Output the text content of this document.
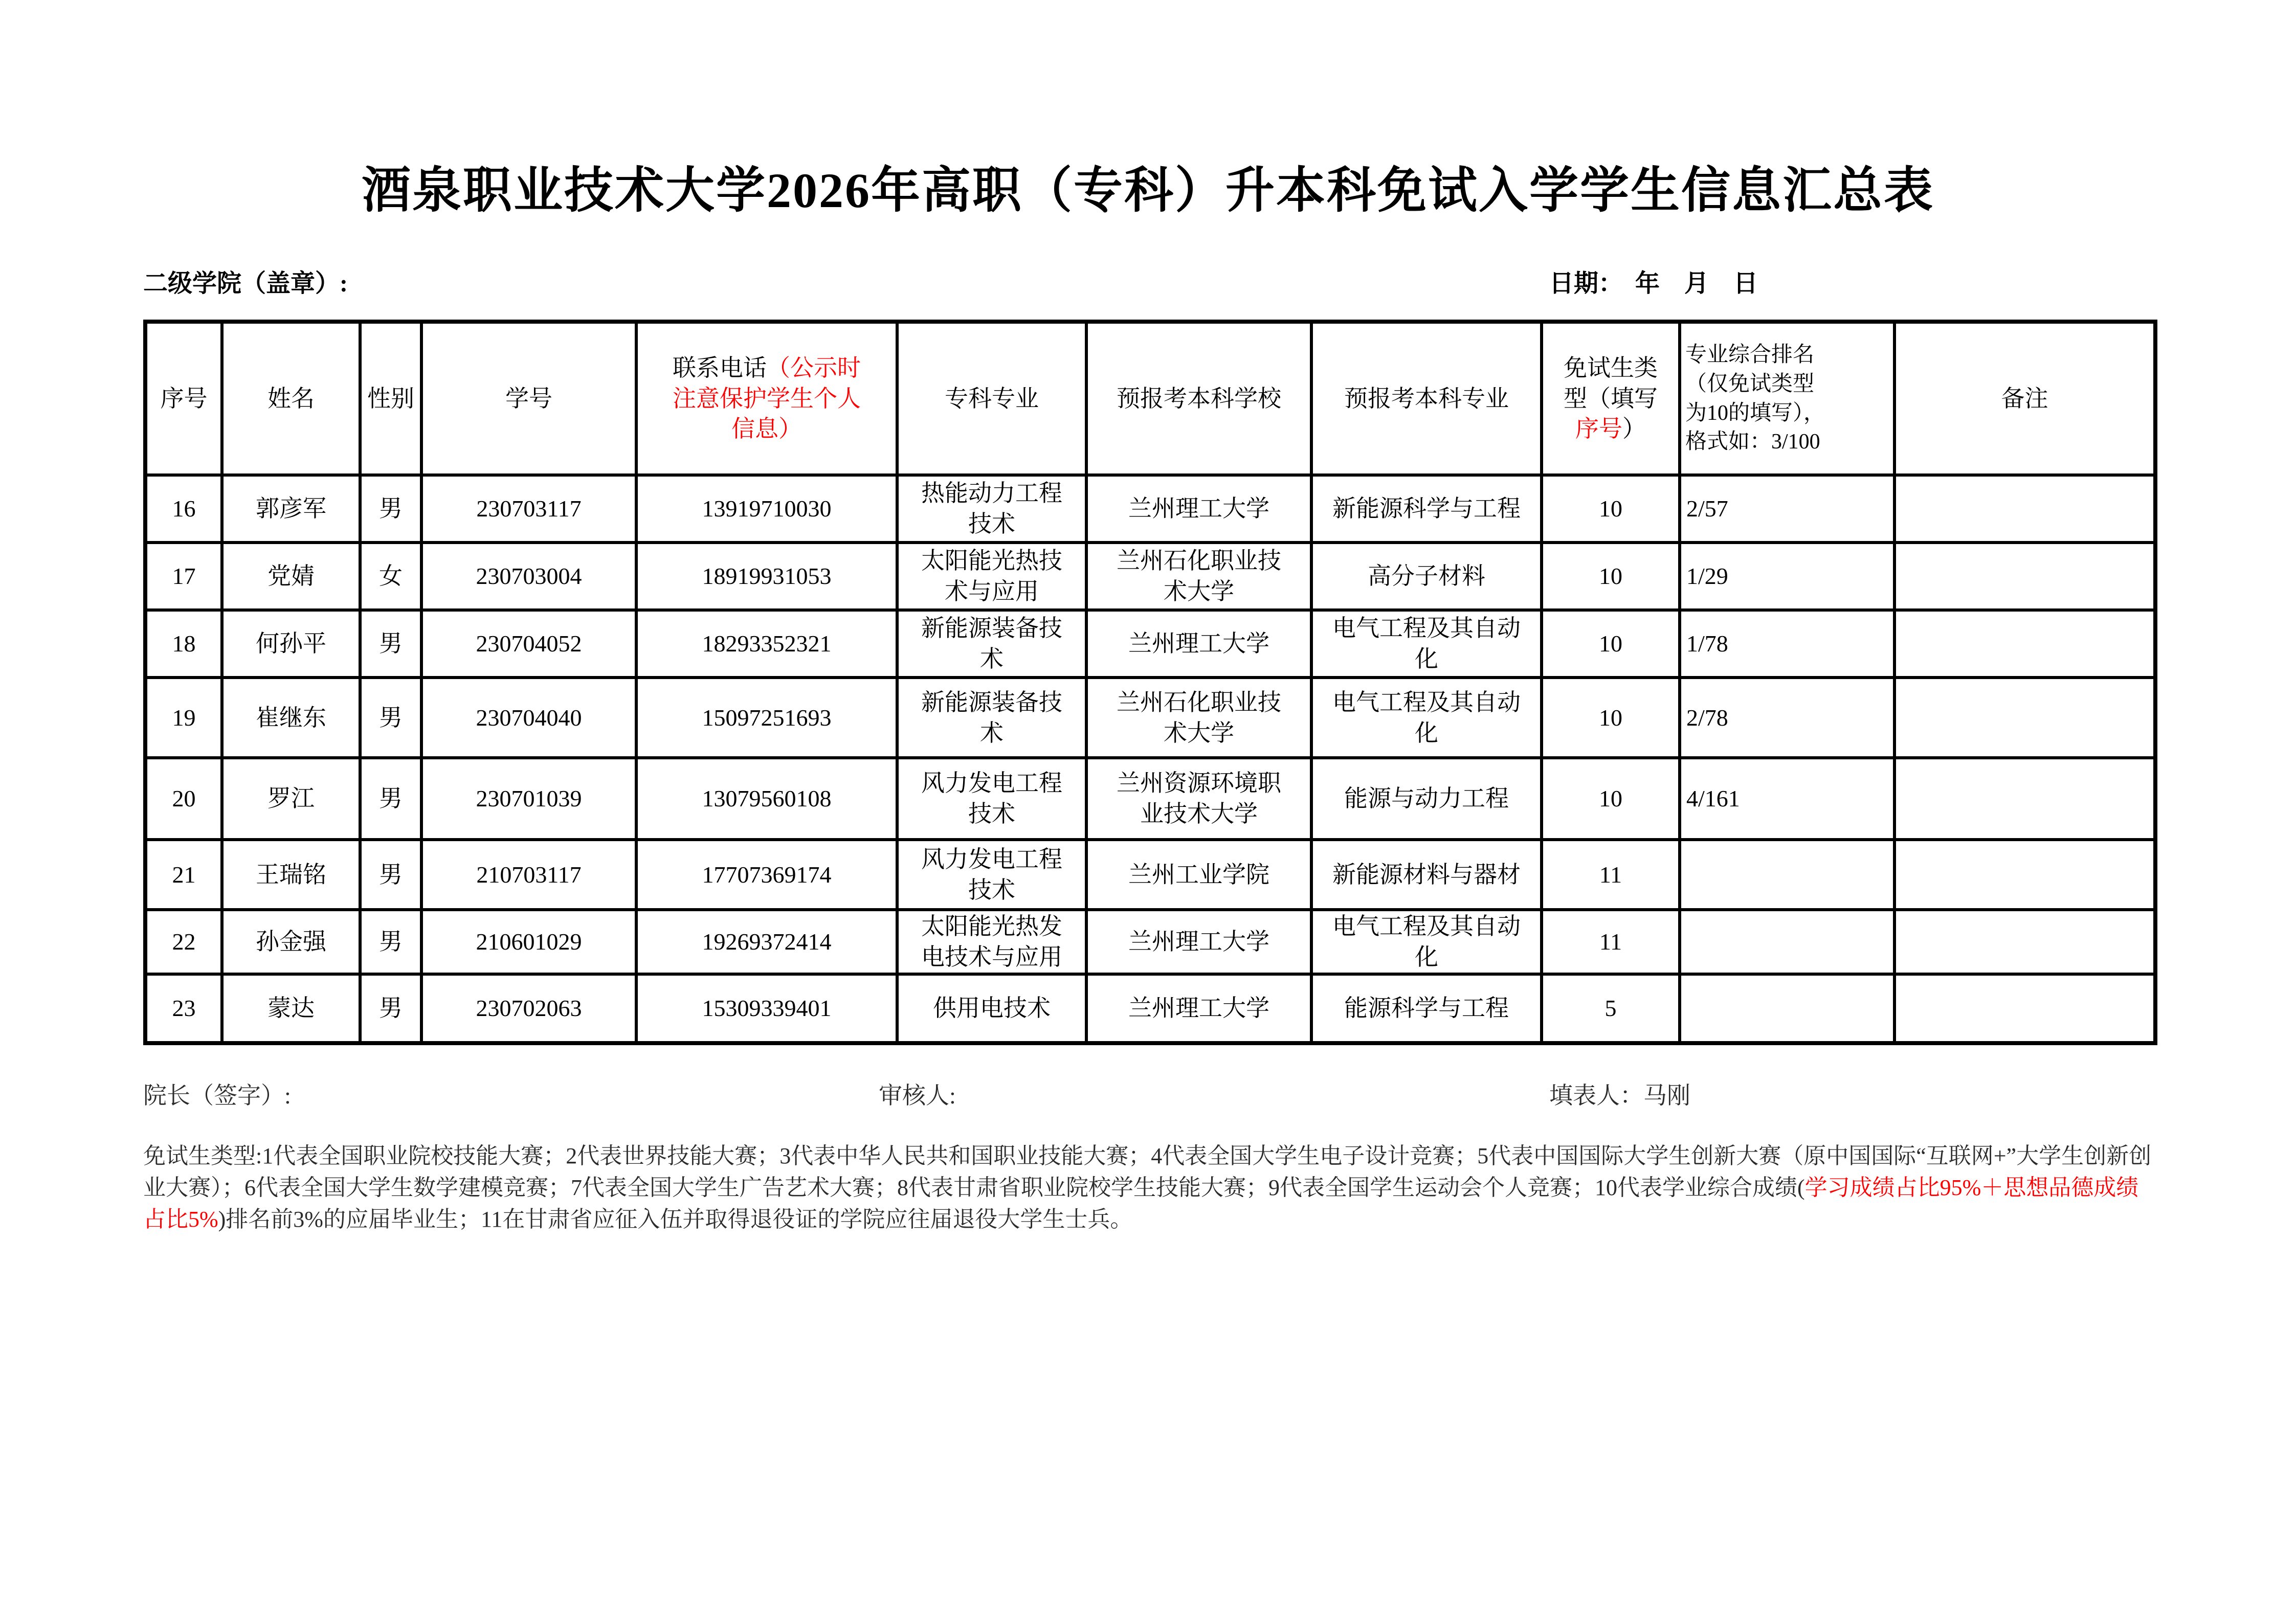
酒泉职业技术大学2026年高职（专科）升本科免试入学学生信息汇总表
二级学院（盖章）:	日期：　年　月　日
序号	姓名	性别	学号	联系电话（公示时注意保护学生个人信息）	专科专业	预报考本科学校	预报考本科专业	免试生类型（填写序号）	专业综合排名（仅免试类型为10的填写），格式如：3/100	备注
16	郭彦军	男	230703117	13919710030	热能动力工程技术	兰州理工大学	新能源科学与工程	10	2/57	
17	党婧	女	230703004	18919931053	太阳能光热技术与应用	兰州石化职业技术大学	高分子材料	10	1/29	
18	何孙平	男	230704052	18293352321	新能源装备技术	兰州理工大学	电气工程及其自动化	10	1/78	
19	崔继东	男	230704040	15097251693	新能源装备技术	兰州石化职业技术大学	电气工程及其自动化	10	2/78	
20	罗江	男	230701039	13079560108	风力发电工程技术	兰州资源环境职业技术大学	能源与动力工程	10	4/161	
21	王瑞铭	男	210703117	17707369174	风力发电工程技术	兰州工业学院	新能源材料与器材	11		
22	孙金强	男	210601029	19269372414	太阳能光热发电技术与应用	兰州理工大学	电气工程及其自动化	11		
23	蒙达	男	230702063	15309339401	供用电技术	兰州理工大学	能源科学与工程	5		
院长（签字）:	审核人:	填表人：马刚
免试生类型:1代表全国职业院校技能大赛；2代表世界技能大赛；3代表中华人民共和国职业技能大赛；4代表全国大学生电子设计竞赛；5代表中国国际大学生创新大赛（原中国国际“互联网+”大学生创新创业大赛）；6代表全国大学生数学建模竞赛；7代表全国大学生广告艺术大赛；8代表甘肃省职业院校学生技能大赛；9代表全国学生运动会个人竞赛；10代表学业综合成绩(学习成绩占比95%＋思想品德成绩占比5%)排名前3%的应届毕业生；11在甘肃省应征入伍并取得退役证的学院应往届退役大学生士兵。
